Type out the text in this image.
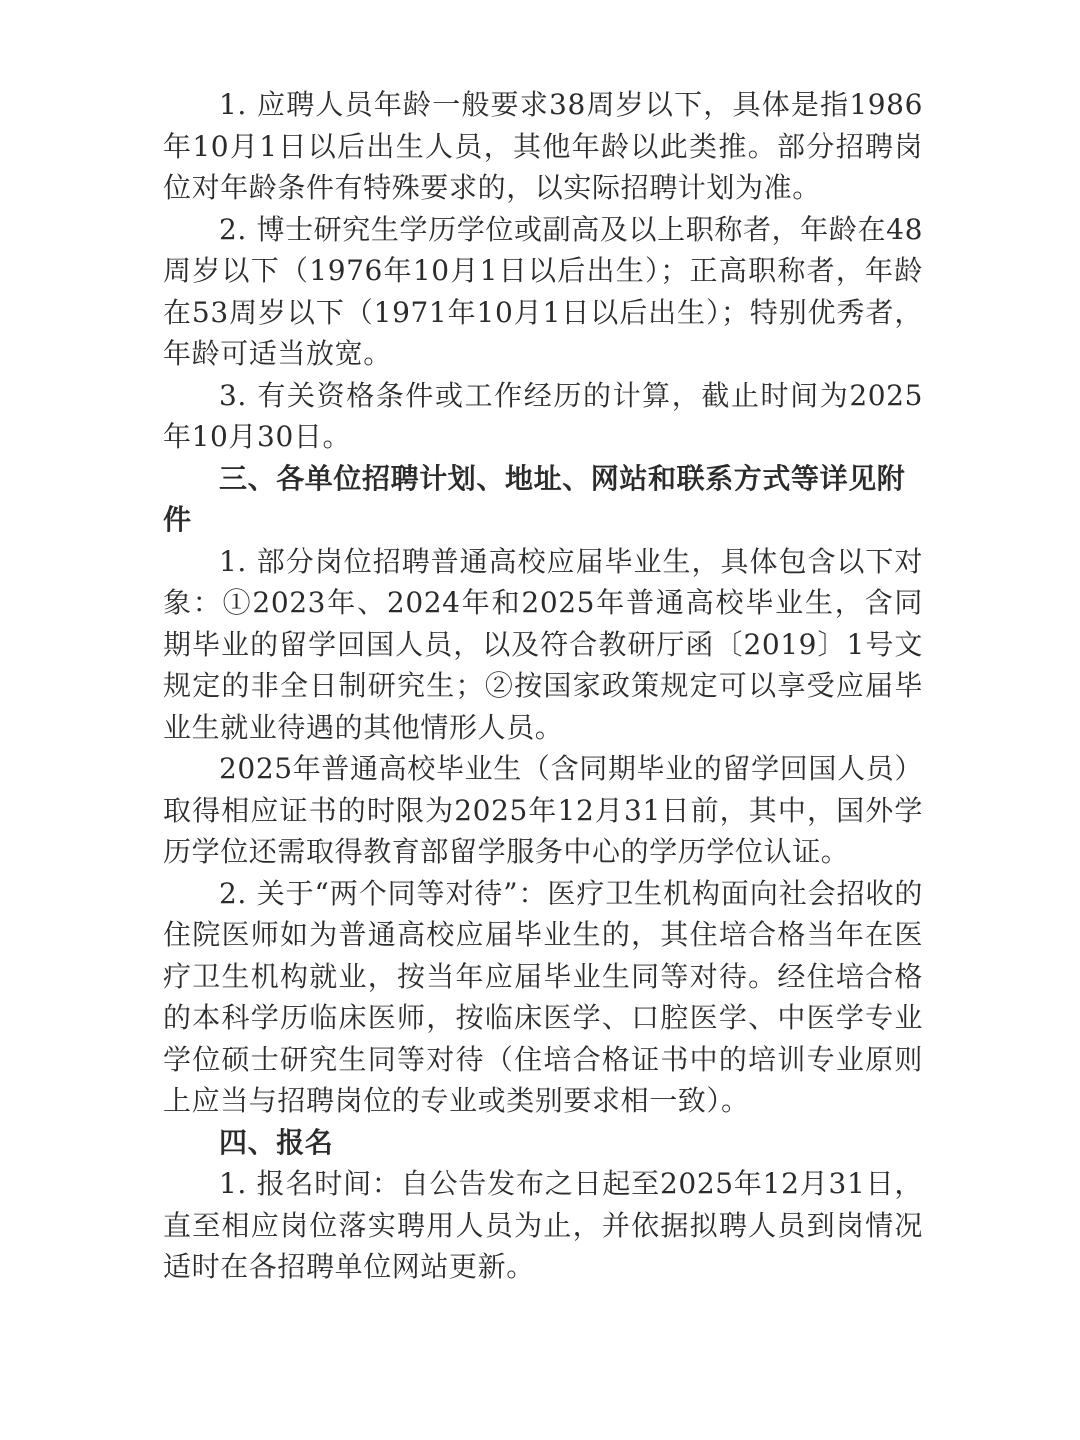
1. 应聘人员年龄一般要求38周岁以下，具体是指1986年10月1日以后出生人员，其他年龄以此类推。部分招聘岗位对年龄条件有特殊要求的，以实际招聘计划为准。

2. 博士研究生学历学位或副高及以上职称者，年龄在48周岁以下（1976年10月1日以后出生）；正高职称者，年龄在53周岁以下（1971年10月1日以后出生）；特别优秀者，年龄可适当放宽。

3. 有关资格条件或工作经历的计算，截止时间为2025年10月30日。

三、各单位招聘计划、地址、网站和联系方式等详见附件

1. 部分岗位招聘普通高校应届毕业生，具体包含以下对象：①2023年、2024年和2025年普通高校毕业生，含同期毕业的留学回国人员，以及符合教研厅函〔2019〕1号文规定的非全日制研究生；②按国家政策规定可以享受应届毕业生就业待遇的其他情形人员。

2025年普通高校毕业生（含同期毕业的留学回国人员）取得相应证书的时限为2025年12月31日前，其中，国外学历学位还需取得教育部留学服务中心的学历学位认证。

2. 关于“两个同等对待”：医疗卫生机构面向社会招收的住院医师如为普通高校应届毕业生的，其住培合格当年在医疗卫生机构就业，按当年应届毕业生同等对待。经住培合格的本科学历临床医师，按临床医学、口腔医学、中医学专业学位硕士研究生同等对待（住培合格证书中的培训专业原则上应当与招聘岗位的专业或类别要求相一致）。

四、报名

1. 报名时间：自公告发布之日起至2025年12月31日，直至相应岗位落实聘用人员为止，并依据拟聘人员到岗情况适时在各招聘单位网站更新。
